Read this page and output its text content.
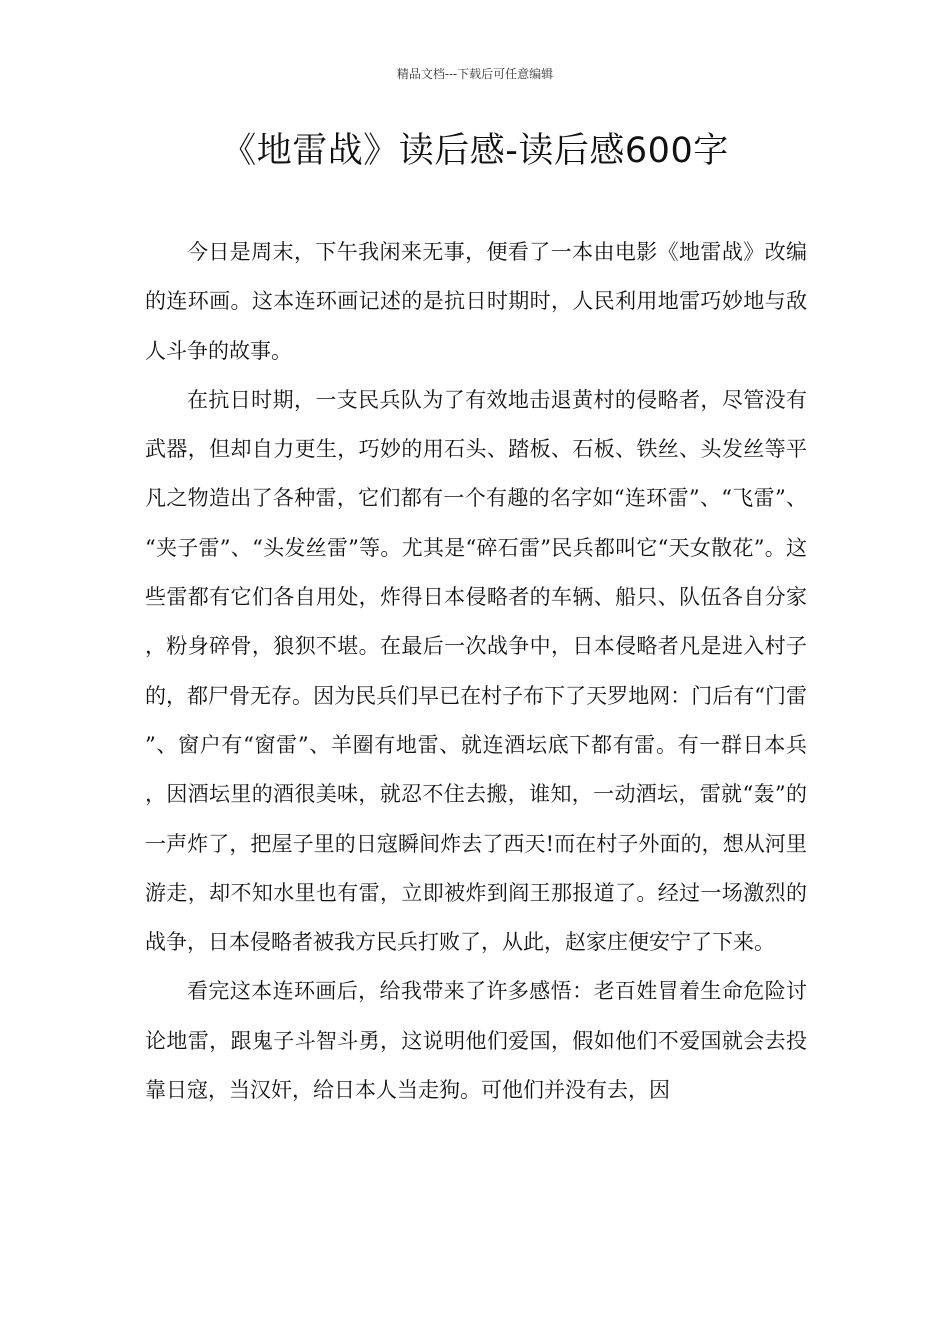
精品文档---下载后可任意编辑
《地雷战》读后感-读后感600字

今日是周末，下午我闲来无事，便看了一本由电影《地雷战》改编的连环画。这本连环画记述的是抗日时期时，人民利用地雷巧妙地与敌人斗争的故事。

在抗日时期，一支民兵队为了有效地击退黄村的侵略者，尽管没有武器，但却自力更生，巧妙的用石头、踏板、石板、铁丝、头发丝等平凡之物造出了各种雷，它们都有一个有趣的名字如“连环雷”、“飞雷”、“夹子雷”、“头发丝雷”等。尤其是“碎石雷”民兵都叫它“天女散花”。这些雷都有它们各自用处，炸得日本侵略者的车辆、船只、队伍各自分家，粉身碎骨，狼狈不堪。在最后一次战争中，日本侵略者凡是进入村子的，都尸骨无存。因为民兵们早已在村子布下了天罗地网：门后有“门雷”、窗户有“窗雷”、羊圈有地雷、就连酒坛底下都有雷。有一群日本兵，因酒坛里的酒很美味，就忍不住去搬，谁知，一动酒坛，雷就“轰”的一声炸了，把屋子里的日寇瞬间炸去了西天!而在村子外面的，想从河里游走，却不知水里也有雷，立即被炸到阎王那报道了。经过一场激烈的战争，日本侵略者被我方民兵打败了，从此，赵家庄便安宁了下来。

看完这本连环画后，给我带来了许多感悟：老百姓冒着生命危险讨论地雷，跟鬼子斗智斗勇，这说明他们爱国，假如他们不爱国就会去投靠日寇，当汉奸，给日本人当走狗。可他们并没有去，因
